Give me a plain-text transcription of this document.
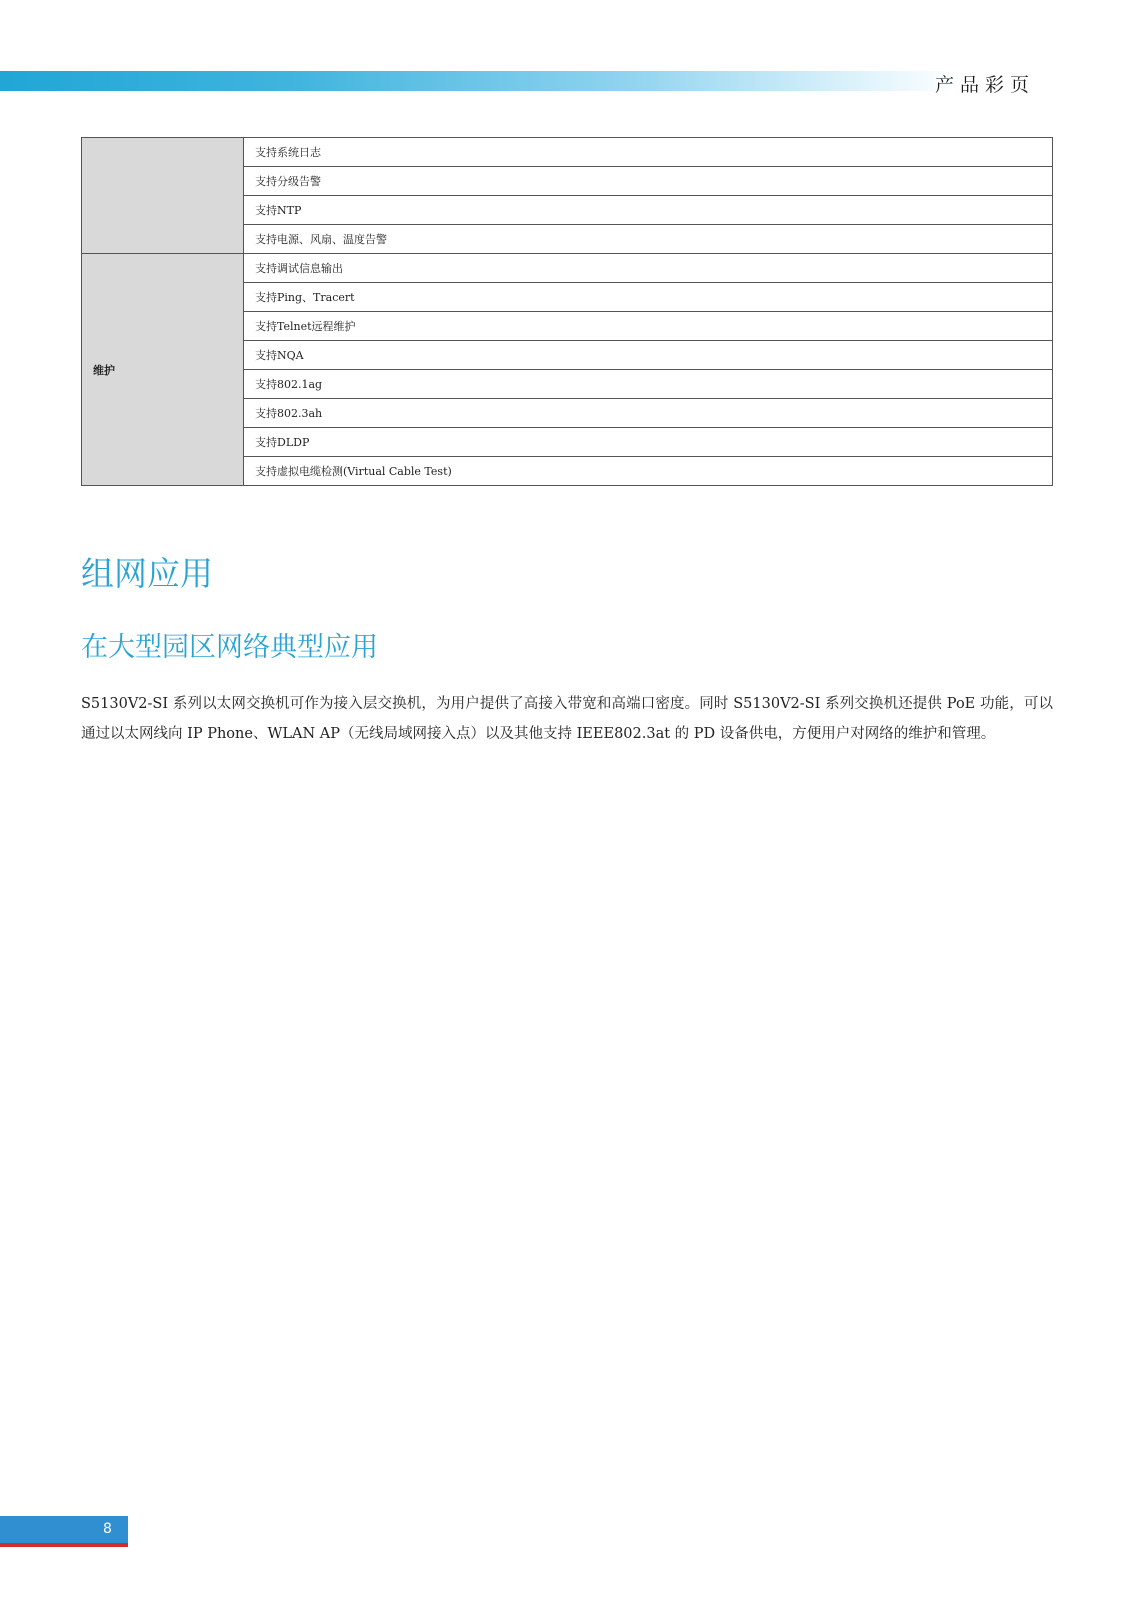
产品彩页
	支持系统日志
	支持分级告警
	支持NTP
	支持电源、风扇、温度告警
维护	支持调试信息输出
	支持Ping、Tracert
	支持Telnet远程维护
	支持NQA
	支持802.1ag
	支持802.3ah
	支持DLDP
	支持虚拟电缆检测(Virtual Cable Test)
组网应用
在大型园区网络典型应用

S5130V2-SI 系列以太网交换机可作为接入层交换机，为用户提供了高接入带宽和高端口密度。同时 S5130V2-SI 系列交换机还提供 PoE 功能，可以通过以太网线向 IP Phone、WLAN AP（无线局域网接入点）以及其他支持 IEEE802.3at 的 PD 设备供电，方便用户对网络的维护和管理。

8
